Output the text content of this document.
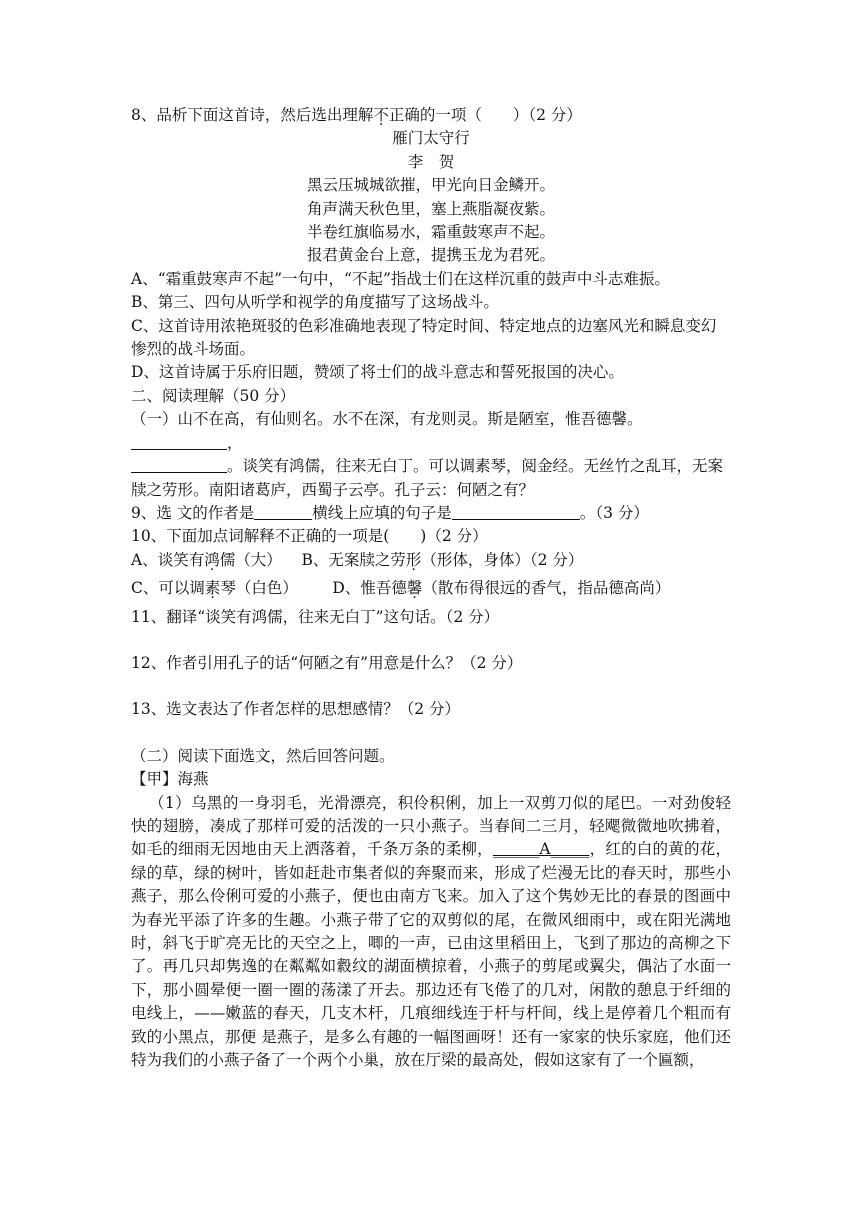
8、品析下面这首诗，然后选出理解不正确的一项（　　）（2 分）
雁门太守行
李　贺
黑云压城城欲摧，甲光向日金鳞开。
角声满天秋色里，塞上燕脂凝夜紫。
半卷红旗临易水，霜重鼓寒声不起。
报君黄金台上意，提携玉龙为君死。
A、“霜重鼓寒声不起”一句中，“不起”指战士们在这样沉重的鼓声中斗志难振。
B、第三、四句从听学和视学的角度描写了这场战斗。
C、这首诗用浓艳斑驳的色彩准确地表现了特定时间、特定地点的边塞风光和瞬息变幻惨烈的战斗场面。
D、这首诗属于乐府旧题，赞颂了将士们的战斗意志和誓死报国的决心。
二、阅读理解（50 分）
（一）山不在高，有仙则名。水不在深，有龙则灵。斯是陋室，惟吾德馨。
，
。谈笑有鸿儒，往来无白丁。可以调素琴，阅金经。无丝竹之乱耳，无案牍之劳形。南阳诸葛庐，西蜀子云亭。孔子云：何陋之有？
9、选 文的作者是	横线上应填的句子是	。（3 分）
10、下面加点词解释不正确的一项是(　　)（2 分）
A、谈笑有鸿儒（大） B、无案牍之劳形（形体，身体）（2 分）
C、可以调素琴（白色） D、惟吾德馨（散布得很远的香气，指品德高尚）
11、翻译“谈笑有鸿儒，往来无白丁”这句话。（2 分）
12、作者引用孔子的话“何陋之有”用意是什么？（2 分）
13、选文表达了作者怎样的思想感情？（2 分）
（二）阅读下面选文，然后回答问题。
【甲】海燕
（1）乌黑的一身羽毛，光滑漂亮，积伶积俐，加上一双剪刀似的尾巴。一对劲俊轻快的翅膀，凑成了那样可爱的活泼的一只小燕子。当春间二三月，轻飔微微地吹拂着，如毛的细雨无因地由天上洒落着，千条万条的柔柳，______A_____，红的白的黄的花，绿的草，绿的树叶，皆如赶赴市集者似的奔聚而来，形成了烂漫无比的春天时，那些小燕子，那么伶俐可爱的小燕子，便也由南方飞来。加入了这个隽妙无比的春景的图画中为春光平添了许多的生趣。小燕子带了它的双剪似的尾，在微风细雨中，或在阳光满地时，斜飞于旷亮无比的天空之上，唧的一声，已由这里稻田上，飞到了那边的高柳之下了。再几只却隽逸的在粼粼如縠纹的湖面横掠着，小燕子的剪尾或翼尖，偶沾了水面一下，那小圆晕便一圈一圈的荡漾了开去。那边还有飞倦了的几对，闲散的憩息于纤细的电线上，——嫩蓝的春天，几支木杆，几痕细线连于杆与杆间，线上是停着几个粗而有致的小黑点，那便 是燕子，是多么有趣的一幅图画呀！还有一家家的快乐家庭，他们还特为我们的小燕子备了一个两个小巢，放在厅梁的最高处，假如这家有了一个匾额，
